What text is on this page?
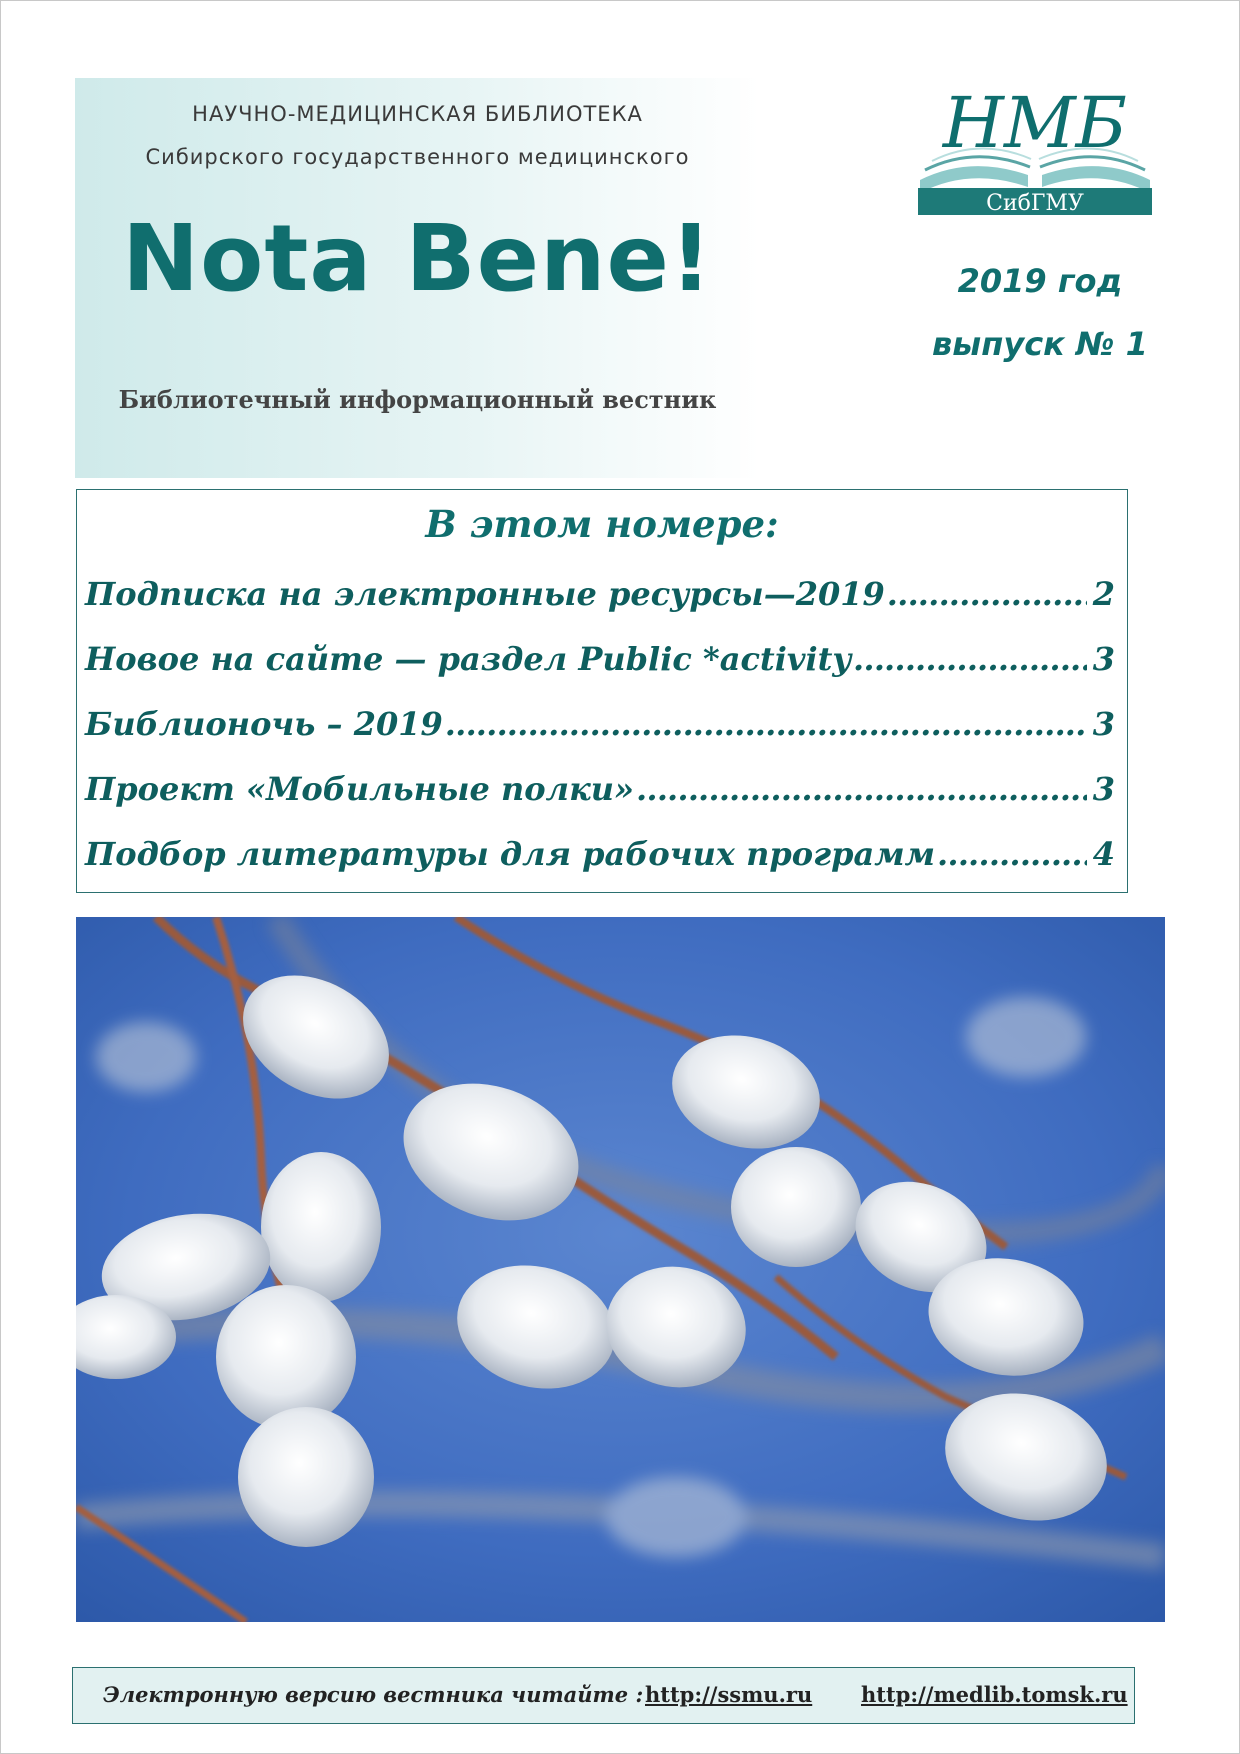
НАУЧНО-МЕДИЦИНСКАЯ БИБЛИОТЕКА
Сибирского государственного медицинского
Nota Bene!
Библиотечный информационный вестник
НМБ
СибГМУ
2019 год
выпуск № 1
В этом номере:
Подписка на электронные ресурсы—2019 …………………………………………………………………………………………………………………………	2
Новое на сайте — раздел Public *activity …………………………………………………………………………………………………………………………	3
Библионочь – 2019 …………………………………………………………………………………………………………………………	3
Проект «Мобильные полки» …………………………………………………………………………………………………………………………	3
Подбор литературы для рабочих программ …………………………………………………………………………………………………………………………	4
Электронную версию вестника читайте : http://ssmu.ru http://medlib.tomsk.ru
